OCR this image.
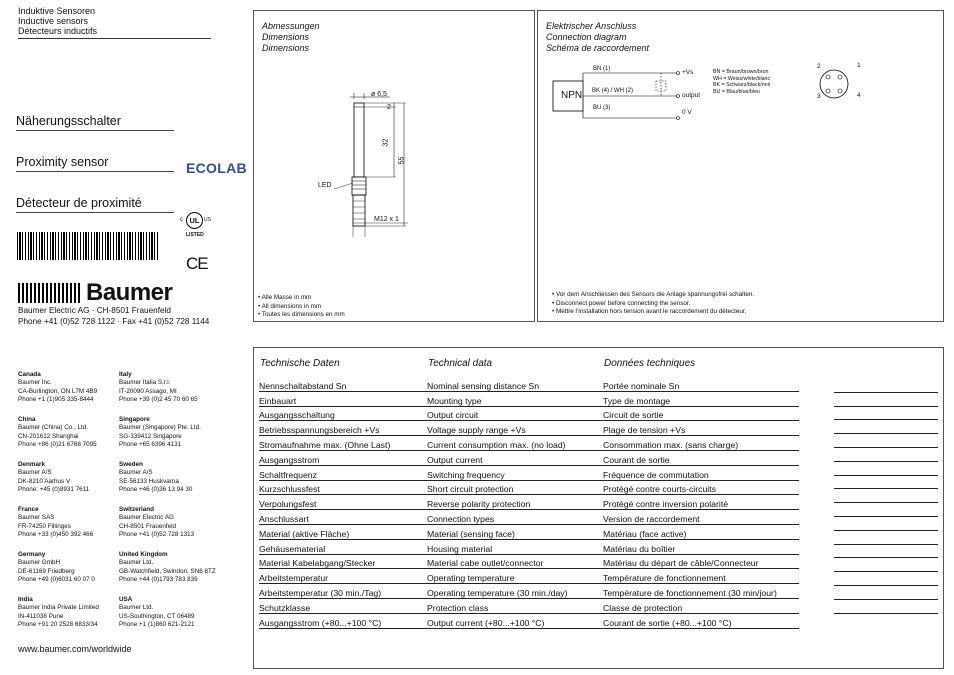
Induktive Sensoren
Inductive sensors
Détecteurs inductifs
Näherungsschalter
Proximity sensor
Détecteur de proximité
ECOLAB
c UL US
LISTED
CE
Baumer
Baumer Electric AG · CH-8501 Frauenfeld
Phone +41 (0)52 728 1122 · Fax +41 (0)52 728 1144
Canada
Baumer Inc.
CA-Burlington, ON L7M 4B9
Phone +1 (1)905 335-8444
Italy
Baumer Italia S.r.l.
IT-20090 Assago, MI
Phone +39 (0)2 45 70 60 65
China
Baumer (China) Co., Ltd.
CN-201612 Shanghai
Phone +86 (0)21 6768 7095
Singapore
Baumer (Singapore) Pte. Ltd.
SG-339412 Singapore
Phone +65 6396 4131
Denmark
Baumer A/S
DK-8210 Aarhus V
Phone: +45 (0)8931 7611
Sweden
Baumer A/S
SE-56133 Huskvarna
Phone +46 (0)36 13 94 30
France
Baumer SAS
FR-74250 Fillinges
Phone +33 (0)450 392 466
Switzerland
Baumer Electric AG
CH-8501 Frauenfeld
Phone +41 (0)52 728 1313
Germany
Baumer GmbH
DE-61169 Friedberg
Phone +49 (0)6031 60 07 0
United Kingdom
Baumer Ltd.
GB-Watchfield, Swindon, SN6 8TZ
Phone +44 (0)1793 783 839
India
Baumer India Private Limited
IN-411038 Pune
Phone +91 20 2528 6833/34
USA
Baumer Ltd.
US-Southington, CT 06489
Phone +1 (1)860 621-2121
www.baumer.com/worldwide
Abmessungen
Dimensions
Dimensions
ø 6,5
2
32
55
LED
M12 x 1
• Alle Masse in mm
• All dimensions in mm
• Toutes les dimensions en mm
Elektrischer Anschluss
Connection diagram
Schéma de raccordement
NPN
BN (1)
BK (4) / WH (2)
BU (3)
+Vs
output
0 V
BN = Braun/brown/brun
WH = Weiss/white/blanc
BK = Schwarz/black/noir
BU = Blau/blue/bleu
1
2
3	4
• Vor dem Anschliessen des Sensors die Anlage spannungsfrei schalten.
• Disconnect power before connecting the sensor.
• Mettre l’installation hors tension avant le raccordement du détecteur.
Technische Daten	Technical data	Données techniques
Nennschaltabstand Sn	Nominal sensing distance Sn	Portée nominale Sn
Einbauart	Mounting type	Type de montage
Ausgangsschaltung	Output circuit	Circuit de sortie
Betriebsspannungsbereich +Vs	Voltage supply range +Vs	Plage de tension +Vs
Stromaufnahme max. (Ohne Last)	Current consumption max. (no load)	Consommation max. (sans charge)
Ausgangsstrom	Output current	Courant de sortie
Schaltfrequenz	Switching frequency	Fréquence de commutation
Kurzschlussfest	Short circuit protection	Protégé contre courts-circuits
Verpolungsfest	Reverse polarity protection	Protégé contre inversion polarité
Anschlussart	Connection types	Version de raccordement
Material (aktive Fläche)	Material (sensing face)	Matériau (face active)
Gehäusematerial	Housing material	Matériau du boîtier
Material Kabelabgang/Stecker	Material cabe outlet/connector	Matériau du départ de câble/Connecteur
Arbeitstemperatur	Operating temperature	Température de fonctionnement
Arbeitstemperatur (30 min./Tag)	Operating temperature (30 min./day)	Température de fonctionnement (30 min/jour)
Schutzklasse	Protection class	Classe de protection
Ausgangsstrom (+80...+100 °C)	Output current (+80...+100 °C)	Courant de sortie (+80...+100 °C)
